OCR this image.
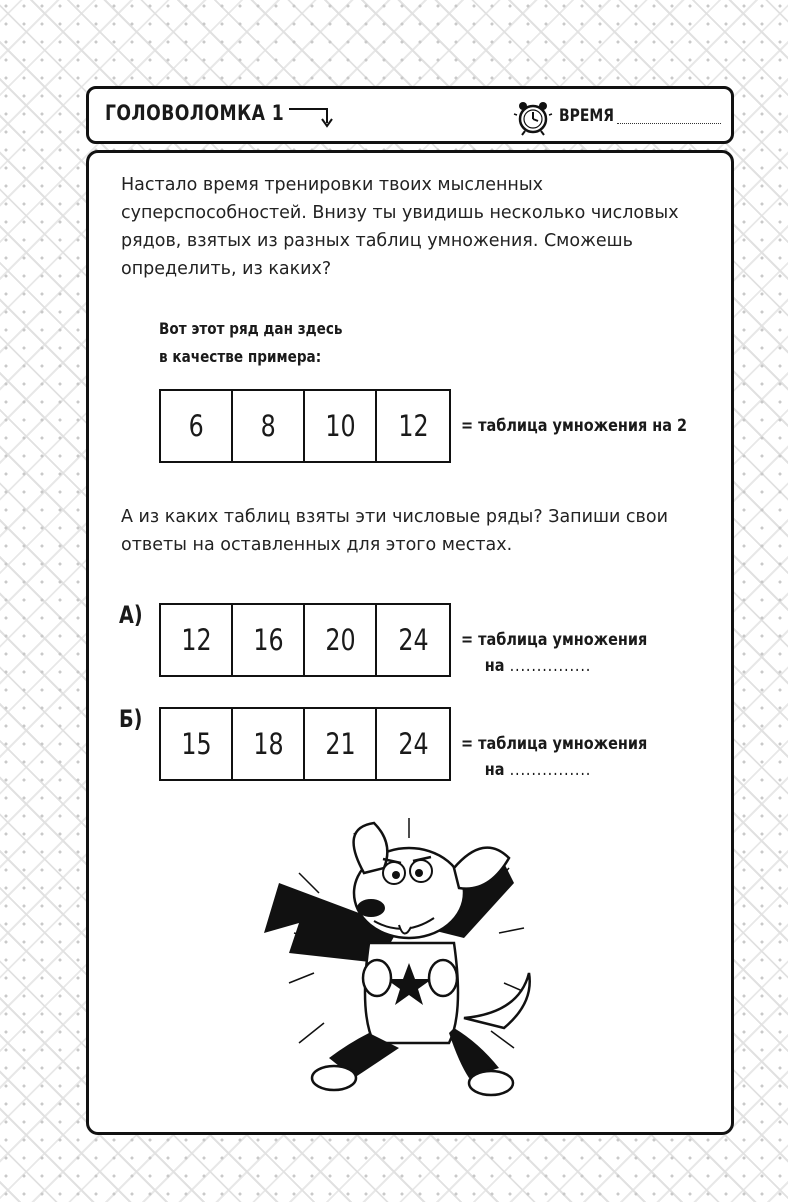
ГОЛОВОЛОМКА 1	ВРЕМЯ

Настало время тренировки твоих мысленных суперспособностей. Внизу ты увидишь несколько числовых рядов, взятых из разных таблиц умножения. Сможешь определить, из каких?

Вот этот ряд дан здесь
в качестве примера:
6 8 10 12 = таблица умножения на 2

А из каких таблиц взяты эти числовые ряды? Запиши свои ответы на оставленных для этого местах.

А)
12 16 20 24 = таблица умножения
на ...............
Б)
15 18 21 24 = таблица умножения
на ...............
